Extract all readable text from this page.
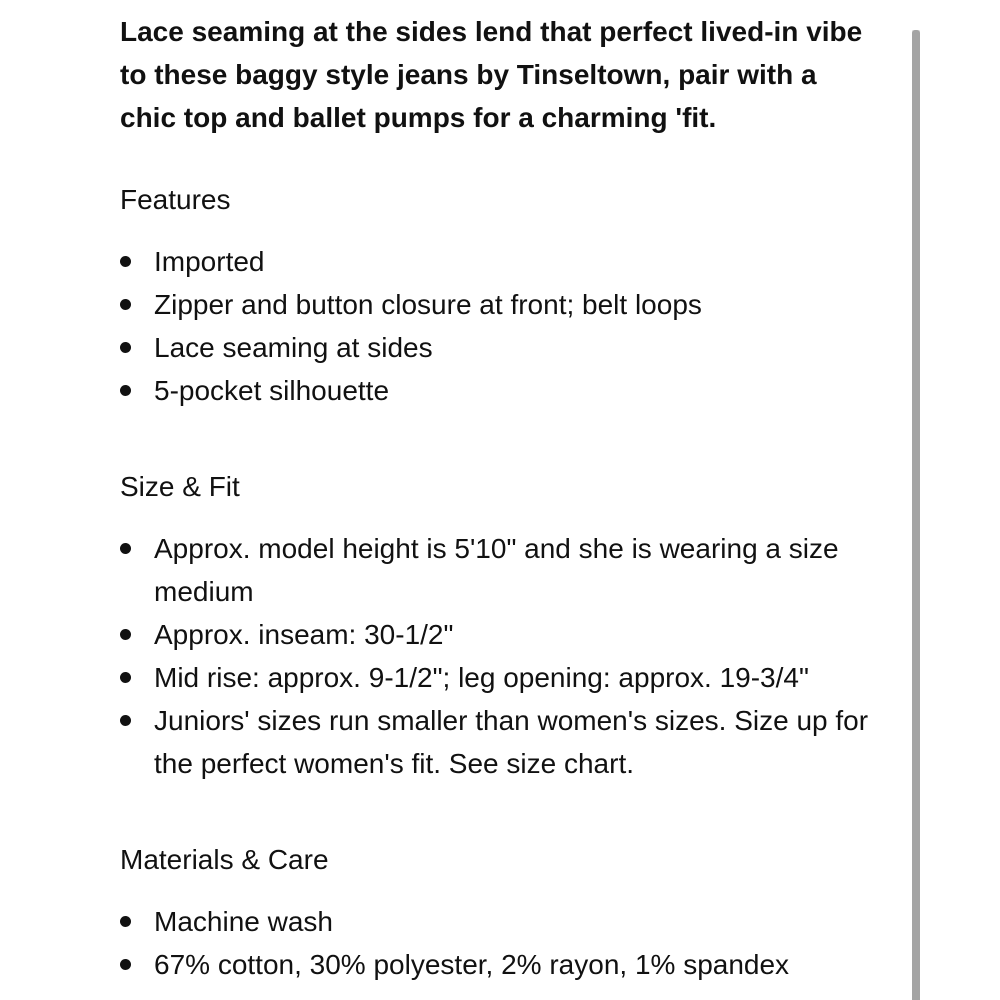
Lace seaming at the sides lend that perfect lived-in vibe to these baggy style jeans by Tinseltown, pair with a chic top and ballet pumps for a charming 'fit.

Features
Imported
Zipper and button closure at front; belt loops
Lace seaming at sides
5-pocket silhouette
Size & Fit
Approx. model height is 5'10" and she is wearing a size medium
Approx. inseam: 30-1/2"
Mid rise: approx. 9-1/2"; leg opening: approx. 19-3/4"
Juniors' sizes run smaller than women's sizes. Size up for the perfect women's fit. See size chart.
Materials & Care
Machine wash
67% cotton, 30% polyester, 2% rayon, 1% spandex
